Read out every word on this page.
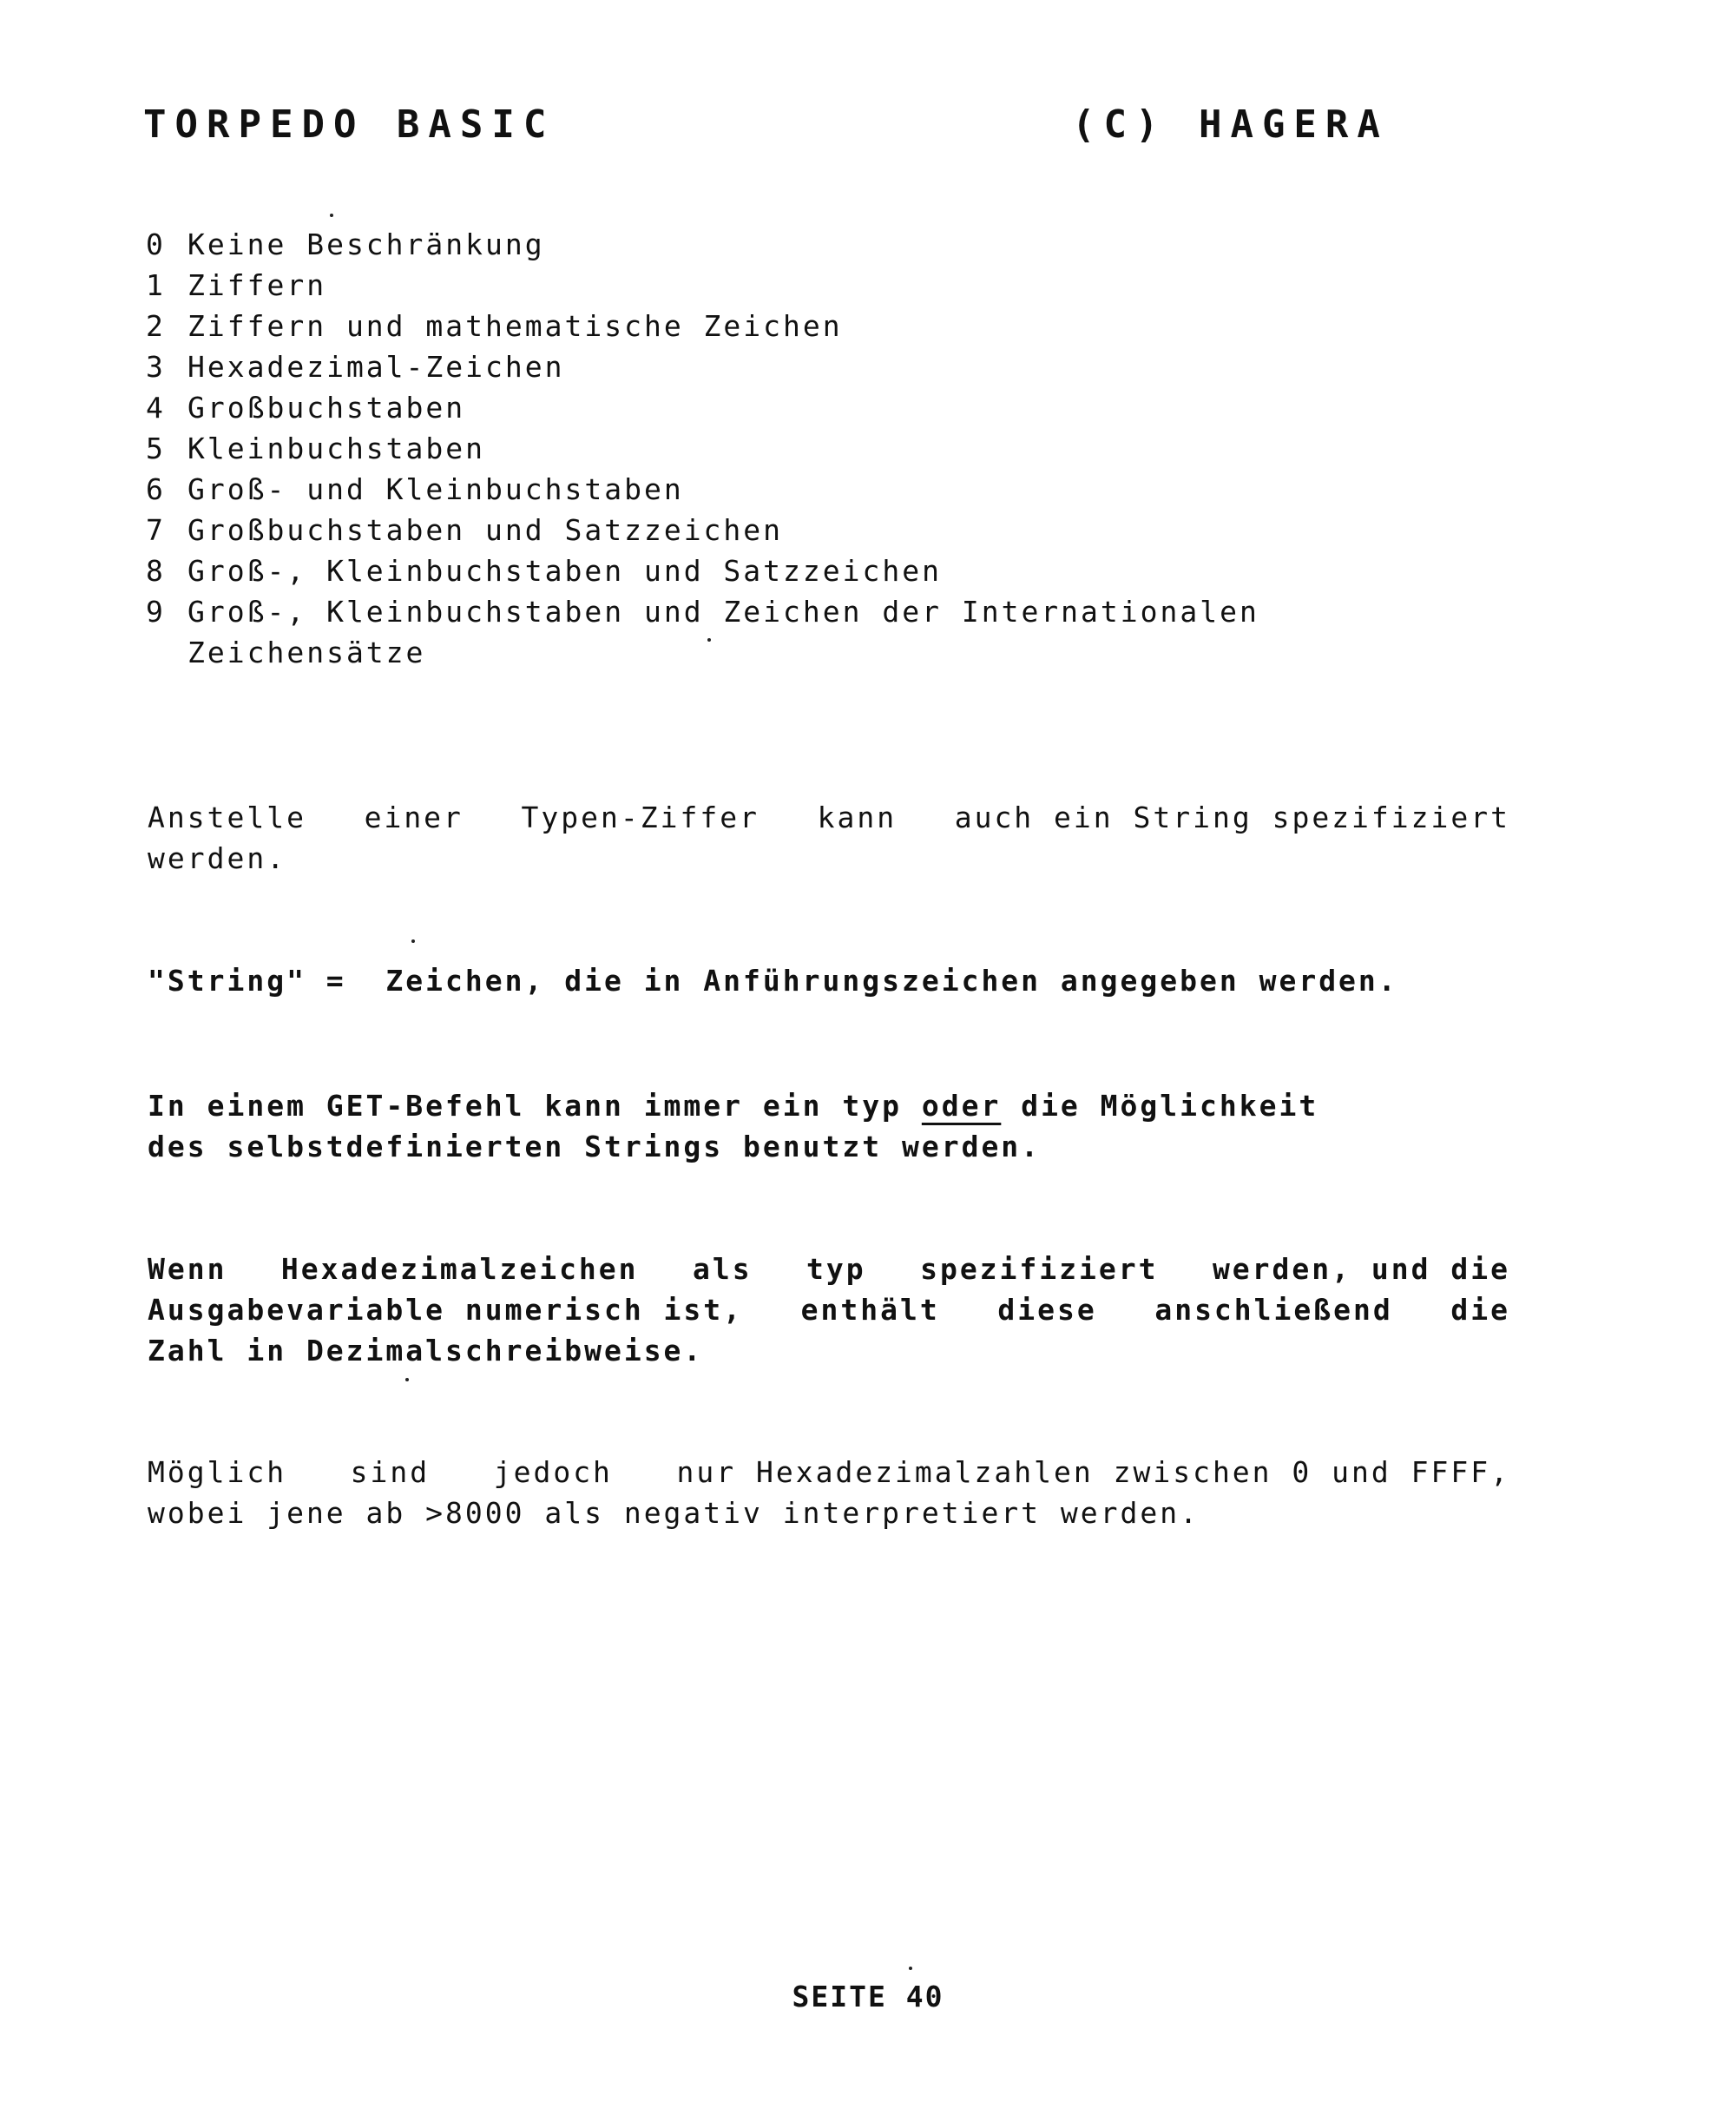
TORPEDO BASIC	(C) HAGERA
0 Keine Beschränkung
1 Ziffern
2 Ziffern und mathematische Zeichen
3 Hexadezimal-Zeichen
4 Großbuchstaben
5 Kleinbuchstaben
6 Groß- und Kleinbuchstaben
7 Großbuchstaben und Satzzeichen
8 Groß-, Kleinbuchstaben und Satzzeichen
9 Groß-, Kleinbuchstaben und Zeichen der Internationalen
Zeichensätze
Anstelle einer Typen-Ziffer kann auch ein String spezifiziert
werden.
"String" =  Zeichen, die in Anführungszeichen angegeben werden.
In einem GET-Befehl kann immer ein typ oder die Möglichkeit
des selbstdefinierten Strings benutzt werden.
Wenn Hexadezimalzeichen als typ spezifiziert werden, und die
Ausgabevariable numerisch ist, enthält diese anschließend die
Zahl in Dezimalschreibweise.
Möglich sind jedoch nur Hexadezimalzahlen zwischen 0 und FFFF,
wobei jene ab >8000 als negativ interpretiert werden.
SEITE 40
